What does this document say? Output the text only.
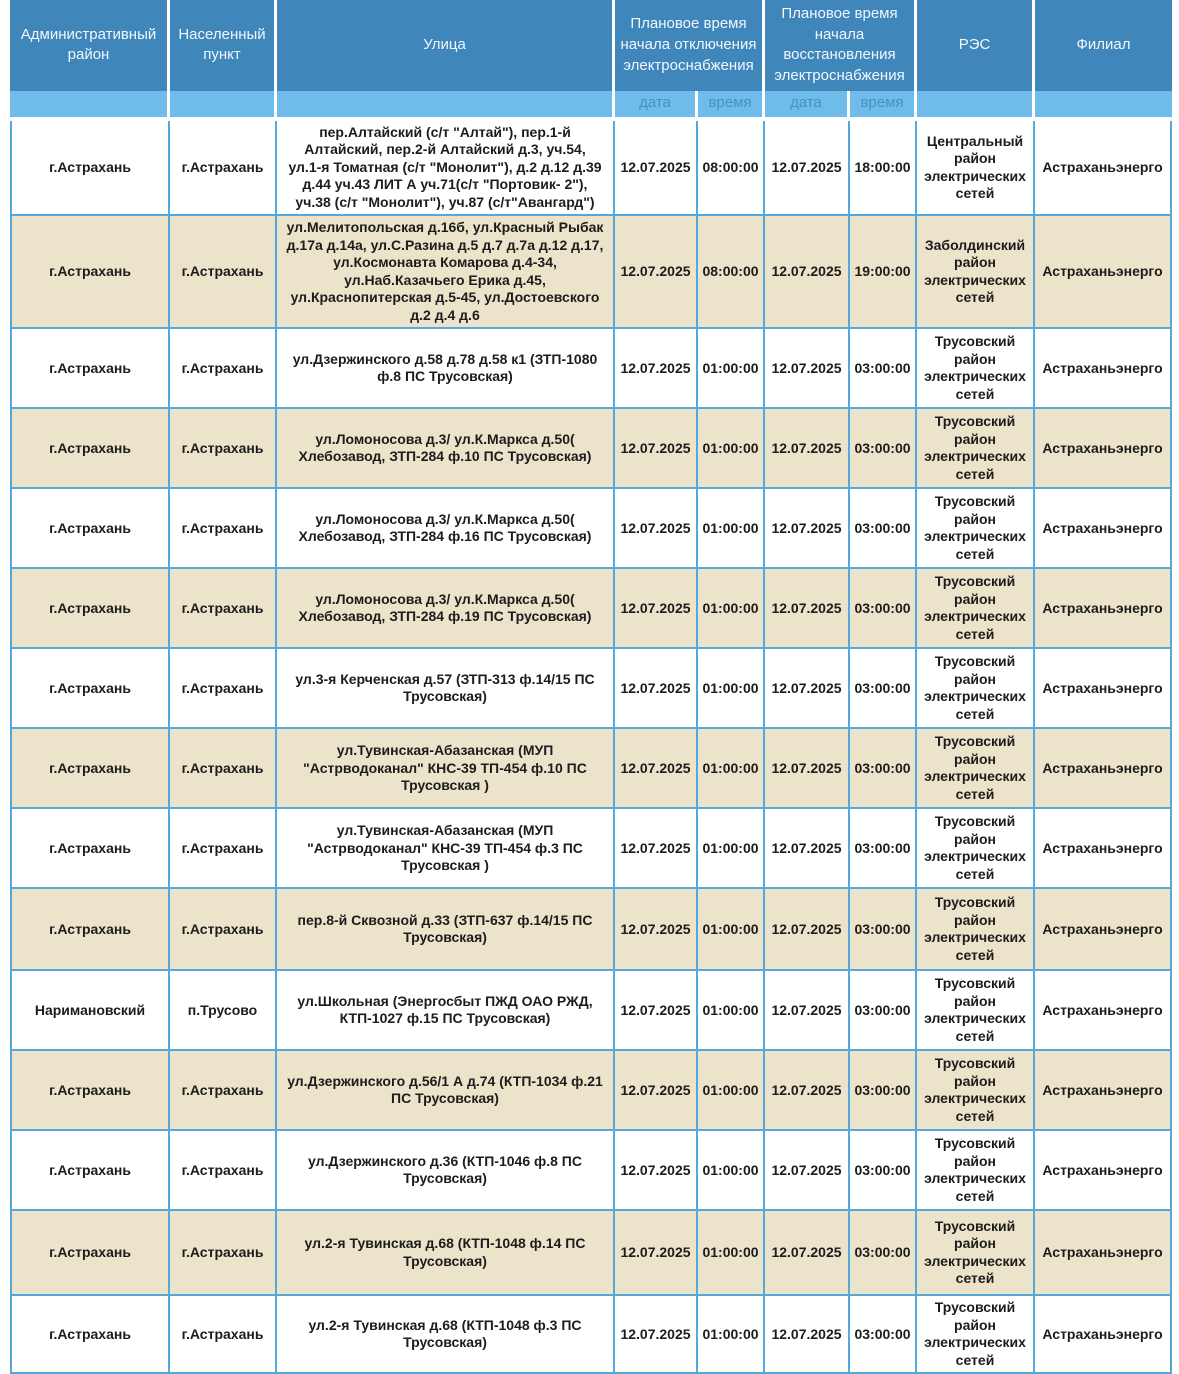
Административный район	Населенный пункт	Улица	Плановое время начала отключения электроснабжения		Плановое время начала восстановления электроснабжения		РЭС	Филиал
			дата	время	дата	время		
г.Астрахань	г.Астрахань	пер.Алтайский (с/т "Алтай"), пер.1-й Алтайский, пер.2-й Алтайский д.3, уч.54, ул.1-я Томатная (с/т "Монолит"), д.2 д.12 д.39 д.44 уч.43 ЛИТ А уч.71(с/т "Портовик- 2"), уч.38 (с/т "Монолит"), уч.87 (с/т"Авангард")	12.07.2025	08:00:00	12.07.2025	18:00:00	Центральный район электрических сетей	Астраханьэнерго
г.Астрахань	г.Астрахань	ул.Мелитопольская д.16б, ул.Красный Рыбак д.17а д.14а, ул.С.Разина д.5 д.7 д.7а д.12 д.17, ул.Космонавта Комарова д.4-34, ул.Наб.Казачьего Ерика д.45, ул.Краснопитерская д.5-45, ул.Достоевского д.2 д.4 д.6	12.07.2025	08:00:00	12.07.2025	19:00:00	Заболдинский район электрических сетей	Астраханьэнерго
г.Астрахань	г.Астрахань	ул.Дзержинского д.58 д.78 д.58 к1 (ЗТП-1080 ф.8 ПС Трусовская)	12.07.2025	01:00:00	12.07.2025	03:00:00	Трусовский район электрических сетей	Астраханьэнерго
г.Астрахань	г.Астрахань	ул.Ломоносова д.3/ ул.К.Маркса д.50( Хлебозавод, ЗТП-284 ф.10 ПС Трусовская)	12.07.2025	01:00:00	12.07.2025	03:00:00	Трусовский район электрических сетей	Астраханьэнерго
г.Астрахань	г.Астрахань	ул.Ломоносова д.3/ ул.К.Маркса д.50( Хлебозавод, ЗТП-284 ф.16 ПС Трусовская)	12.07.2025	01:00:00	12.07.2025	03:00:00	Трусовский район электрических сетей	Астраханьэнерго
г.Астрахань	г.Астрахань	ул.Ломоносова д.3/ ул.К.Маркса д.50( Хлебозавод, ЗТП-284 ф.19 ПС Трусовская)	12.07.2025	01:00:00	12.07.2025	03:00:00	Трусовский район электрических сетей	Астраханьэнерго
г.Астрахань	г.Астрахань	ул.3-я Керченская д.57 (ЗТП-313 ф.14/15 ПС Трусовская)	12.07.2025	01:00:00	12.07.2025	03:00:00	Трусовский район электрических сетей	Астраханьэнерго
г.Астрахань	г.Астрахань	ул.Тувинская-Абазанская (МУП "Астрводоканал" КНС-39 ТП-454 ф.10 ПС Трусовская )	12.07.2025	01:00:00	12.07.2025	03:00:00	Трусовский район электрических сетей	Астраханьэнерго
г.Астрахань	г.Астрахань	ул.Тувинская-Абазанская (МУП "Астрводоканал" КНС-39 ТП-454 ф.3 ПС Трусовская )	12.07.2025	01:00:00	12.07.2025	03:00:00	Трусовский район электрических сетей	Астраханьэнерго
г.Астрахань	г.Астрахань	пер.8-й Сквозной д.33 (ЗТП-637 ф.14/15 ПС Трусовская)	12.07.2025	01:00:00	12.07.2025	03:00:00	Трусовский район электрических сетей	Астраханьэнерго
Наримановский	п.Трусово	ул.Школьная (Энергосбыт ПЖД ОАО РЖД, КТП-1027 ф.15 ПС Трусовская)	12.07.2025	01:00:00	12.07.2025	03:00:00	Трусовский район электрических сетей	Астраханьэнерго
г.Астрахань	г.Астрахань	ул.Дзержинского д.56/1 А д.74 (КТП-1034 ф.21 ПС Трусовская)	12.07.2025	01:00:00	12.07.2025	03:00:00	Трусовский район электрических сетей	Астраханьэнерго
г.Астрахань	г.Астрахань	ул.Дзержинского д.36 (КТП-1046 ф.8 ПС Трусовская)	12.07.2025	01:00:00	12.07.2025	03:00:00	Трусовский район электрических сетей	Астраханьэнерго
г.Астрахань	г.Астрахань	ул.2-я Тувинская д.68 (КТП-1048 ф.14 ПС Трусовская)	12.07.2025	01:00:00	12.07.2025	03:00:00	Трусовский район электрических сетей	Астраханьэнерго
г.Астрахань	г.Астрахань	ул.2-я Тувинская д.68 (КТП-1048 ф.3 ПС Трусовская)	12.07.2025	01:00:00	12.07.2025	03:00:00	Трусовский район электрических сетей	Астраханьэнерго
